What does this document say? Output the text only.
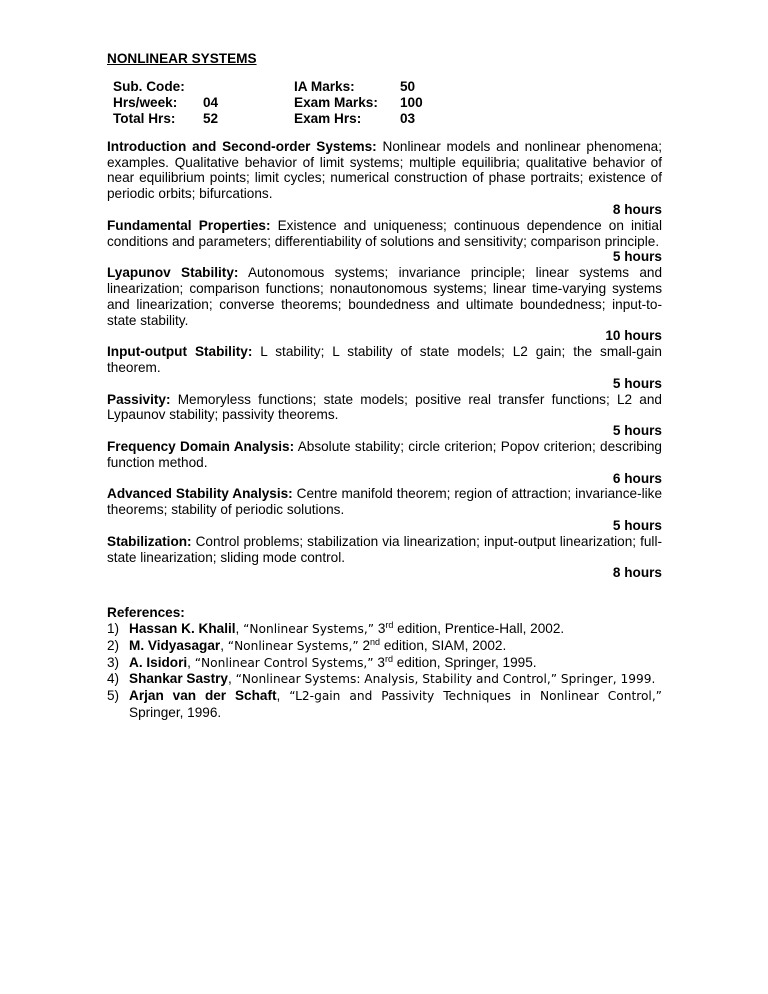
NONLINEAR SYSTEMS
Sub. Code:		IA Marks:	50
Hrs/week:	04	Exam Marks:	100
Total Hrs:	52	Exam Hrs:	03
Introduction and Second-order Systems: Nonlinear models and nonlinear phenomena; examples. Qualitative behavior of limit systems; multiple equilibria; qualitative behavior of near equilibrium points; limit cycles; numerical construction of phase portraits; existence of periodic orbits; bifurcations.
8 hours
Fundamental Properties: Existence and uniqueness; continuous dependence on initial conditions and parameters; differentiability of solutions and sensitivity; comparison principle.
5 hours
Lyapunov Stability: Autonomous systems; invariance principle; linear systems and linearization; comparison functions; nonautonomous systems; linear time-varying systems and linearization; converse theorems; boundedness and ultimate boundedness; input-to-state stability.
10 hours
Input-output Stability: L stability; L stability of state models; L2 gain; the small-gain theorem.
5 hours
Passivity: Memoryless functions; state models; positive real transfer functions; L2 and Lypaunov stability; passivity theorems.
5 hours
Frequency Domain Analysis: Absolute stability; circle criterion; Popov criterion; describing function method.
6 hours
Advanced Stability Analysis: Centre manifold theorem; region of attraction; invariance-like theorems; stability of periodic solutions.
5 hours
Stabilization: Control problems; stabilization via linearization; input-output linearization; full-state linearization; sliding mode control.
8 hours
References:
1) Hassan K. Khalil, “Nonlinear Systems,” 3rd edition, Prentice-Hall, 2002.
2) M. Vidyasagar, “Nonlinear Systems,” 2nd edition, SIAM, 2002.
3) A. Isidori, “Nonlinear Control Systems,” 3rd edition, Springer, 1995.
4) Shankar Sastry, “Nonlinear Systems: Analysis, Stability and Control,” Springer, 1999.
5) Arjan van der Schaft, “L2-gain and Passivity Techniques in Nonlinear Control,” Springer, 1996.
